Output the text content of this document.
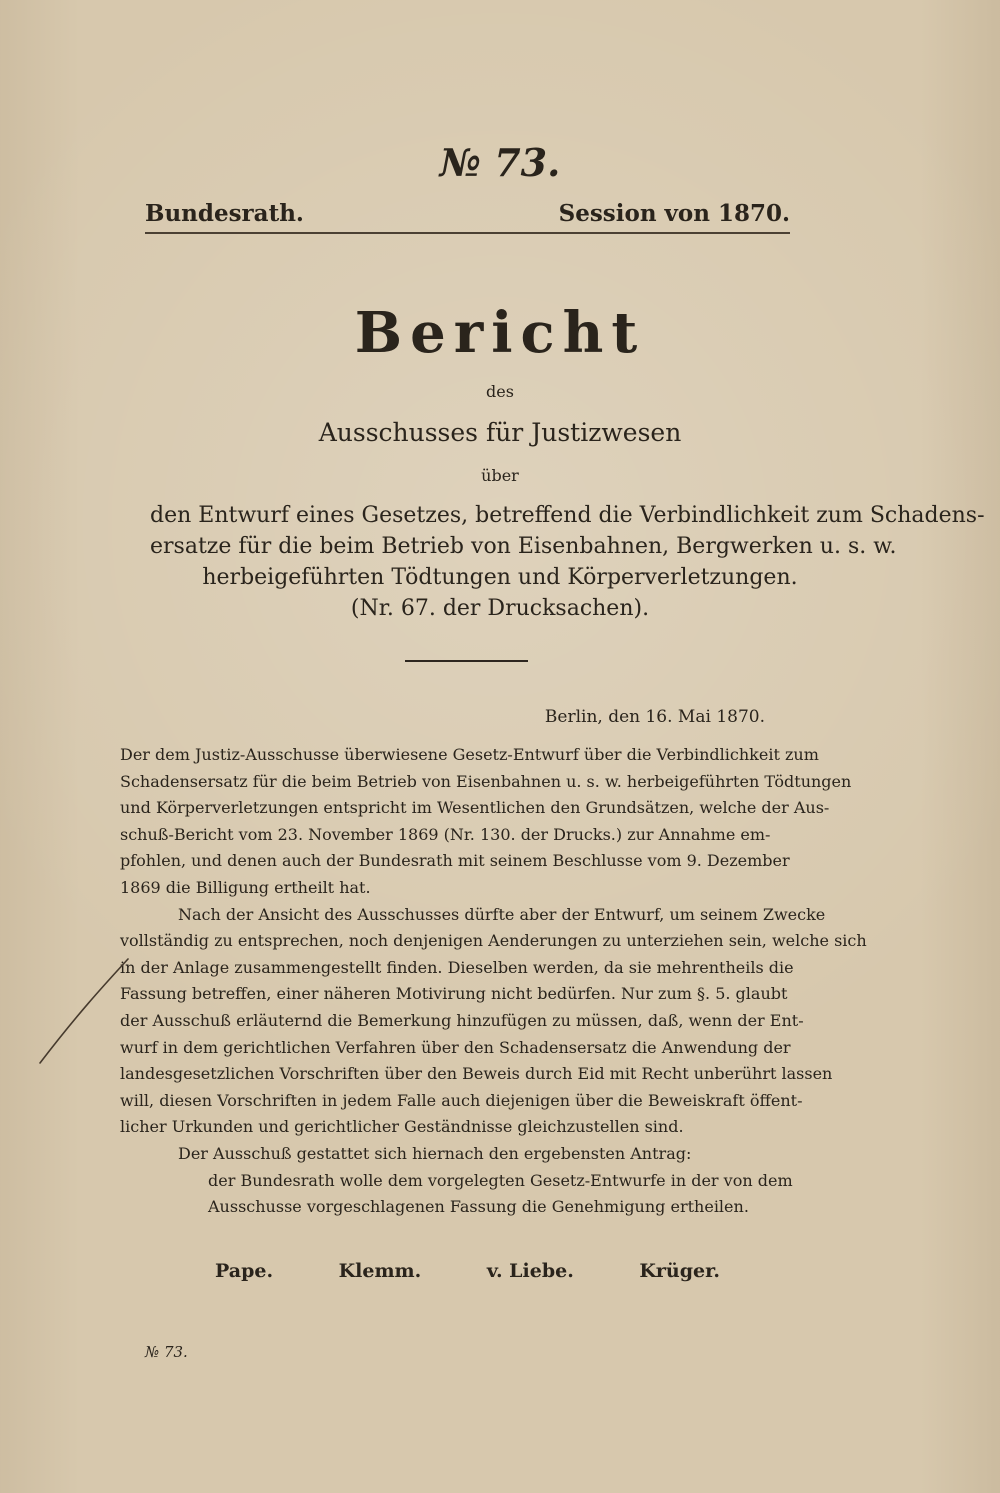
№ 73.
Bundesrath.	Session von 1870.
Bericht
des
Ausschusses für Justizwesen
über
den Entwurf eines Gesetzes, betreffend die Verbindlichkeit zum Schadens-
ersatze für die beim Betrieb von Eisenbahnen, Bergwerken u. s. w.
herbeigeführten Tödtungen und Körperverletzungen.
(Nr. 67. der Drucksachen).
Berlin, den 16. Mai 1870.
Der dem Justiz-Ausschusse überwiesene Gesetz-Entwurf über die Verbindlichkeit zum
Schadensersatz für die beim Betrieb von Eisenbahnen u. s. w. herbeigeführten Tödtungen
und Körperverletzungen entspricht im Wesentlichen den Grundsätzen, welche der Aus-
schuß-Bericht vom 23. November 1869 (Nr. 130. der Drucks.) zur Annahme em-
pfohlen, und denen auch der Bundesrath mit seinem Beschlusse vom 9. Dezember
1869 die Billigung ertheilt hat.
Nach der Ansicht des Ausschusses dürfte aber der Entwurf, um seinem Zwecke
vollständig zu entsprechen, noch denjenigen Aenderungen zu unterziehen sein, welche sich
in der Anlage zusammengestellt finden. Dieselben werden, da sie mehrentheils die
Fassung betreffen, einer näheren Motivirung nicht bedürfen. Nur zum §. 5. glaubt
der Ausschuß erläuternd die Bemerkung hinzufügen zu müssen, daß, wenn der Ent-
wurf in dem gerichtlichen Verfahren über den Schadensersatz die Anwendung der
landesgesetzlichen Vorschriften über den Beweis durch Eid mit Recht unberührt lassen
will, diesen Vorschriften in jedem Falle auch diejenigen über die Beweiskraft öffent-
licher Urkunden und gerichtlicher Geständnisse gleichzustellen sind.
Der Ausschuß gestattet sich hiernach den ergebensten Antrag:
der Bundesrath wolle dem vorgelegten Gesetz-Entwurfe in der von dem
Ausschusse vorgeschlagenen Fassung die Genehmigung ertheilen.
Pape.	Klemm.	v. Liebe.	Krüger.
№ 73.
